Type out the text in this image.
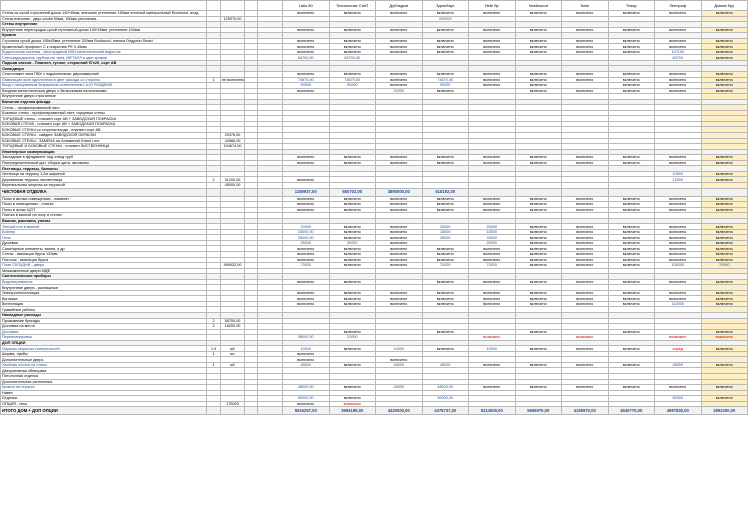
					Lalio 80	Технология СтиП	Дубльдом	ЗдемХаус	Hirfe бр	Nordiwood	Nalo	Tезар	Ленпроф	Домов бру
Стены из сухой строганной доски 140*40мм, внешнее утепление 150мм плитный минеральный Rockwool, вход					включено	включено	включено	включено	включено	включено	включено	включено	включено	включено
Стены внешние , двух слоёв 50мм, 150мм утепления...		125970,00						200000						
Стены внутренние														
Внутренние перегородки сухой строганной доски 140*45мм, утепление 100мм					включено	включено	включено	включено	включено	включено	включено	включено	включено	включено
Кровля														
Стропила сухой доски 195х45мм, утепление 200мм Rockwool, пленки Ондулин Smart					включено	включено	включено	включено	включено	включено	включено	включено	включено	включено
Кровельный профлист С к покрытию РЕ 0,45мм					включено	включено	включено	включено	включено	включено	включено	включено	включено	включено
Водосточная система , многорядный ИЛИ металлический водосток					включено	включено	включено	включено	включено	включено	включено	включено	107100	включено
Снегозадержатель трубчатого типа, МЕТАЛЛ в цвет кровли					84700,00	84700,00							84700	включено
Подшив свесов - Планкен, гусное, сторонний 57х20, сорт АВ														
Окна/двери														
Стеклопакет окна ПВХ с подоконником, двухкамерный					включено	включено	включено	включено	включено	включено	включено	включено	включено	включено
Ламинация окон однотонная в цвет фасада со стороны	1	не включено			74670,00	74670,00	включено	74670,00	включено	включено	включено	включено	включено	включено
Вход с панорамным безрамным остеклением LAJO РАЗДВИЖ					90000	90000	включено	90000	включено	включено		включено	включено	включено
Входная металлическая дверь с балконными наличниками					включено		20000	включено		включено	включено	включено	включено	включено
Внутренние двери строганные														
Внешняя отделка фасада														
Стены – профилированный лист														
Боковые стены - профилированный лист, торцевые стены														
ТОРЦЕВЫЕ стены - планкен сорт АВ + ЗАВОДСКАЯ ПОКРАСКА														
БОКОВАЯ СТЕНА - планкен сорт АВ + ЗАВОДСКАЯ ПОКРАСКА														
БОКОВЫЕ СТЕНЫ со стороны входа - планкен сорт АВ														
БОКОВЫЕ СТЕНЫ - сайдинг ЗАВОДСКОЙ ОКРАСКИ		20376,00												
БОКОВЫЕ СТЕНЫ - ЗАМЕНА на Алюминий Grand Line		42666,00												
ТОРЦЕВЫЕ И БОКОВЫЕ СТЕНЫ - планкен ЛИСТВЕННИЦА		104674,00												
Инженерные коммуникации														
Закладные в фундамент под отвод труб					включено	включено	включено	включено	включено	включено	включено	включено	включено	включено
Распределительный щит, сборка щита, автоматы					включено	включено	включено	включено	включено	включено	включено	включено	включено	включено
Лестницы, террасы, балконы														
Лестница на террасу 1,2м шириной													10000	включено
Деревянная терраса лиственница	2	31200,00			включено								12000	включено
Вертикальная опорная за террасой		45000,00												
ЧИСТОВАЯ ОТДЕЛКА					1189937,00	650702,00	3890000,00	518192,00						
Полы в жилых помещениях - ламинат					включено	включено	включено	включено	включено	включено	включено	включено	включено	включено
Полы в помещениях - плитка					включено	включено	включено	включено	включено	включено	включено	включено	включено	включено
Полы в зонах ЦСП					включено	включено	включено	включено	включено	включено	включено	включено	включено	включено
Плитка в ванной на полу и стенах														
Ванная, раковина, унитаз														
Теплый пол в ванной					20000	включено	включено	20000	20000	включено	включено	включено	включено	включено
Бойлер					15000,00	включено	включено	15000	15000	включено	включено	включено	включено	включено
Печь					26000,00	включено	включено	26000	26000	включено	включено	включено	включено	включено
Душевая					25000	30000	включено		25000	включено	включено	включено	включено	включено
Санитарные элементы, ванна, и др					включено	включено	включено	включено	включено	включено	включено	включено	включено	включено
Стены - имитация бруса 120мм					включено	включено	включено	включено	включено	включено	включено	включено	включено	включено
Потолок - имитация бруса					включено	включено	включено	включено	включено	включено	включено	включено	включено	включено
План СКЛАДНИ - дверь		469932,00			70000	включено	включено	70000	70000	включено	включено	включено	105000	70000
Межкомнатные двери МДФ														
Сантехнические приборы														
Водонагреватель					включено	включено		включено	включено	включено	включено	включено	включено	включено
Внутренние двери - распашные														
Электроинсталляция					включено	включено	включено	включено	включено	включено	включено	включено	включено	включено
Вытяжка					включено	включено	включено	включено	включено	включено	включено	включено	включено	включено
Вентиляция					включено	включено	включено	включено	включено	включено	включено	включено	110000	включено
Гравийные работы														
Накладные расходы														
Проживание бригады	2	55750,00												
Доставка на место	2	16250,00												
Доставка						включено		включено		включено		включено		включено
Перепланировка					36000,00	22000			возможно		возможно		возможно	возможно
ДОП ОПЦИИ														
Окраска открытых поверхностей	1,9	м2			10000	включено	10000	включено	10000	включено	включено	включено	опред	включено
Ширма, тумбы	1	шт			включено									
Дополнительные дверь					включено		включено							
Хвойная плитка на стены	1	м2			48000	включено	48000	48000	включено	включено	включено	включено	48000	включено
Декоративная облицовка														
Потолочная отделка														
Дополнительная сантехника														
Кровля на терассе					48000,00	включено	48000	48000,00	включено	включено	включено	включено	включено	включено
Навес														
Отделка					50000,00	включено		50000,00					50000	включено
ОПЦИЯ - печь		175000			включено	возможно								
ИТОГО ДОМ + ДОП ОПЦИИ					5016257,00	3994189,00	4420000,00	4378737,00	5314500,00	5696970,00	4155970,00	4540770,00	4987840,00	2893300,00
